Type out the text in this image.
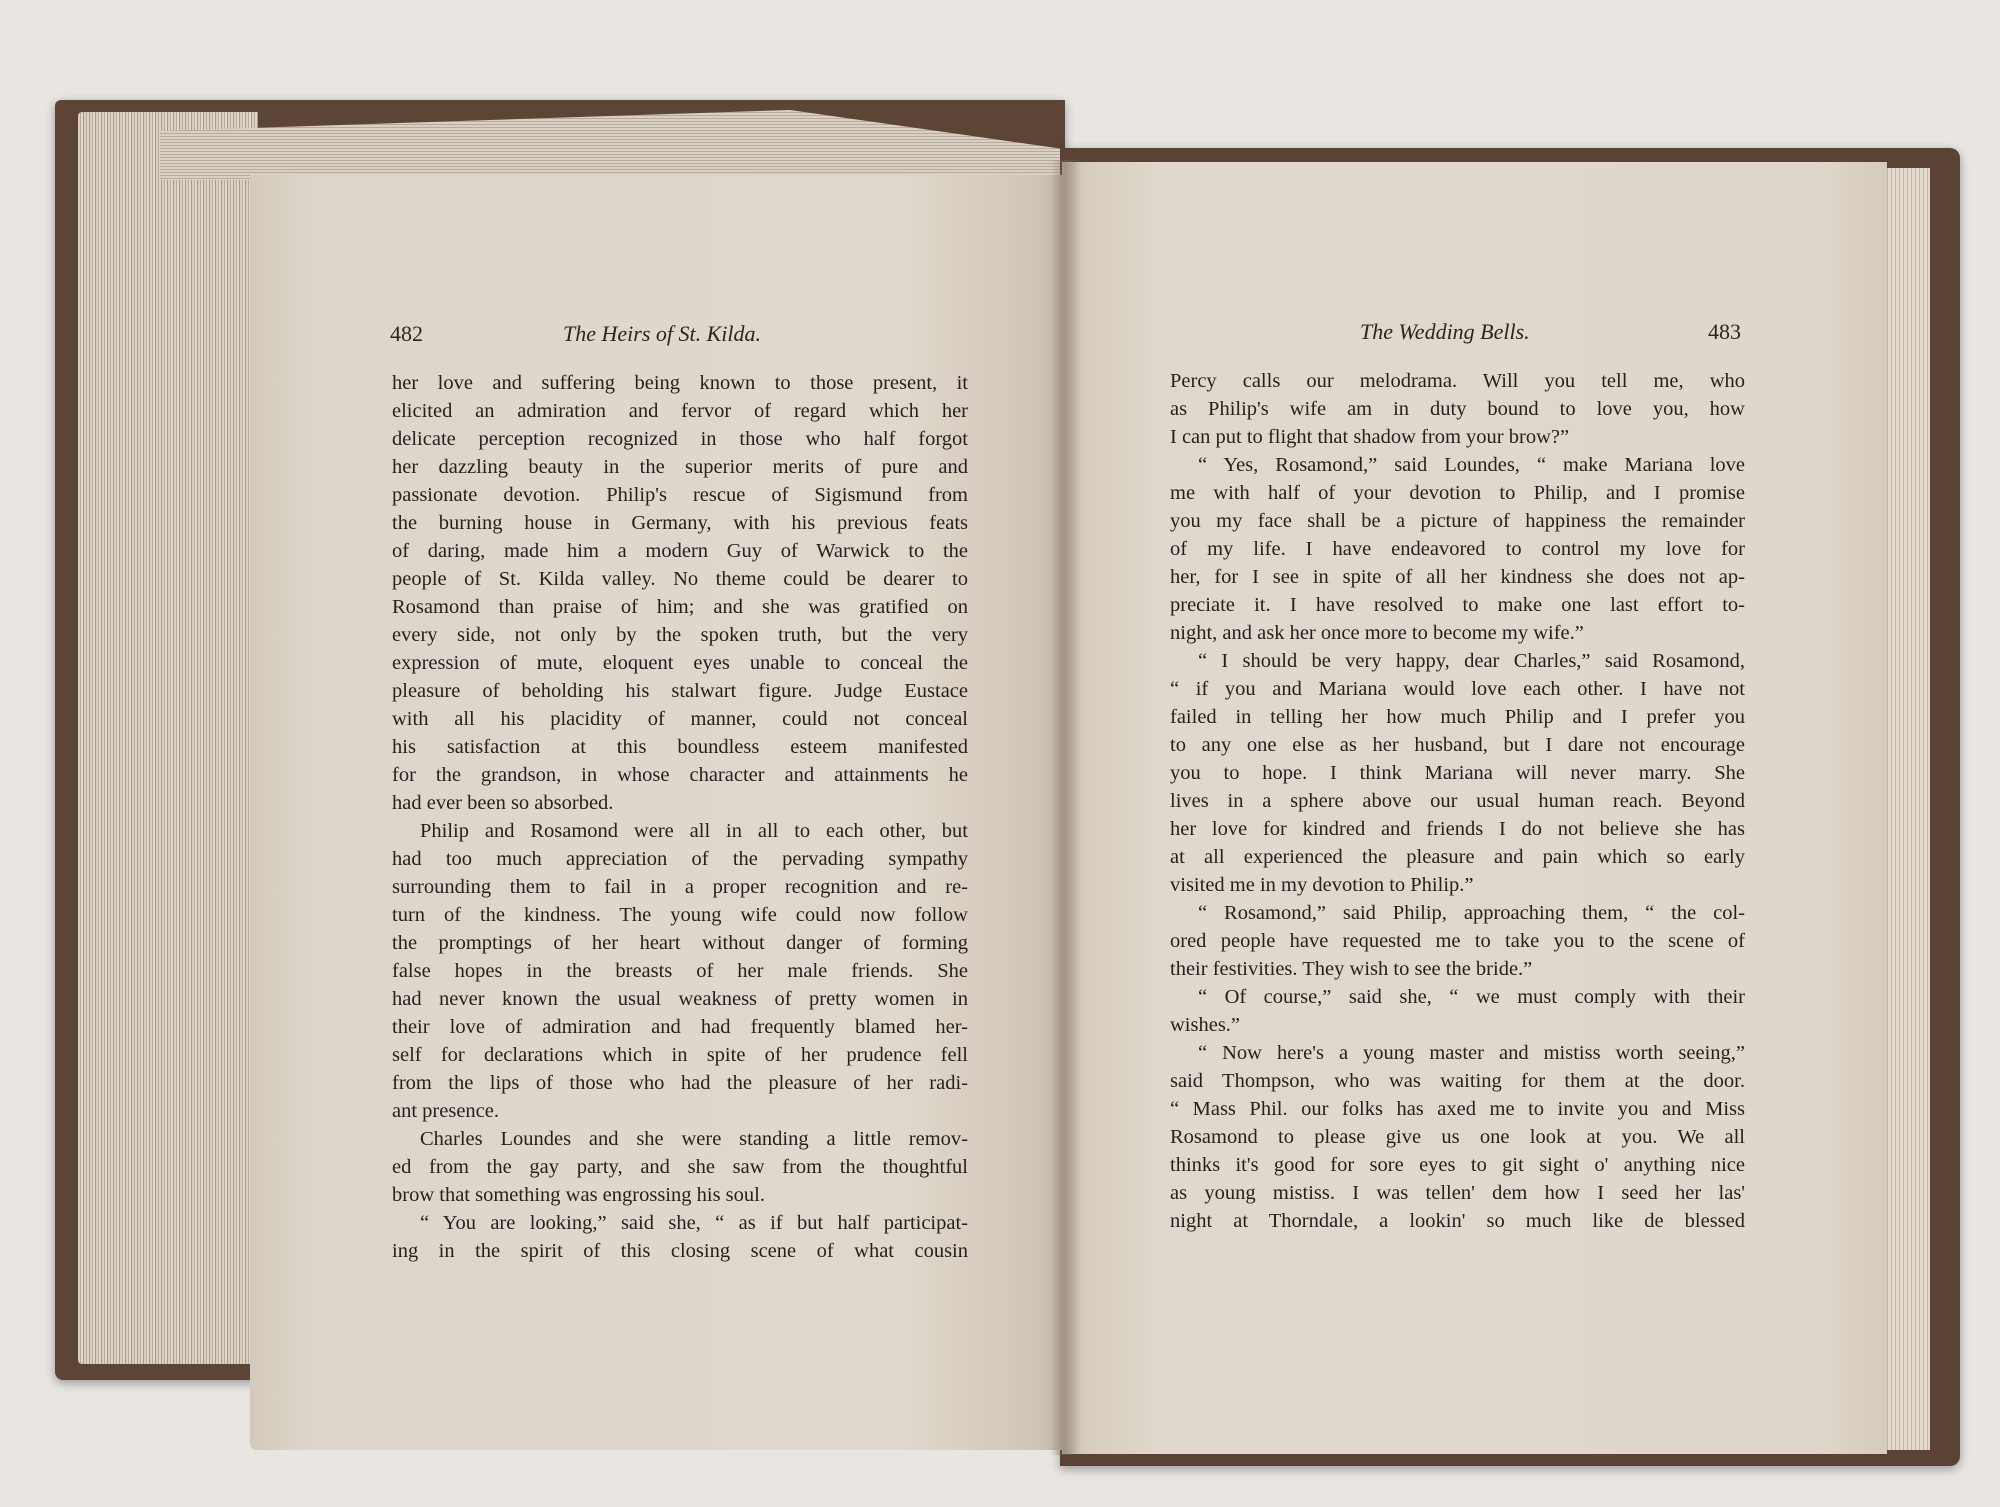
482	The Heirs of St. Kilda.	The Wedding Bells.	483
her love and suffering being known to those present, it
elicited an admiration and fervor of regard which her
delicate perception recognized in those who half forgot
her dazzling beauty in the superior merits of pure and
passionate devotion. Philip's rescue of Sigismund from
the burning house in Germany, with his previous feats
of daring, made him a modern Guy of Warwick to the
people of St. Kilda valley. No theme could be dearer to
Rosamond than praise of him; and she was gratified on
every side, not only by the spoken truth, but the very
expression of mute, eloquent eyes unable to conceal the
pleasure of beholding his stalwart figure. Judge Eustace
with all his placidity of manner, could not conceal
his satisfaction at this boundless esteem manifested
for the grandson, in whose character and attainments he
had ever been so absorbed.
Philip and Rosamond were all in all to each other, but
had too much appreciation of the pervading sympathy
surrounding them to fail in a proper recognition and re-
turn of the kindness. The young wife could now follow
the promptings of her heart without danger of forming
false hopes in the breasts of her male friends. She
had never known the usual weakness of pretty women in
their love of admiration and had frequently blamed her-
self for declarations which in spite of her prudence fell
from the lips of those who had the pleasure of her radi-
ant presence.
Charles Loundes and she were standing a little remov-
ed from the gay party, and she saw from the thoughtful
brow that something was engrossing his soul.
“ You are looking,” said she, “ as if but half participat-
ing in the spirit of this closing scene of what cousin
Percy calls our melodrama. Will you tell me, who
as Philip's wife am in duty bound to love you, how
I can put to flight that shadow from your brow?”
“ Yes, Rosamond,” said Loundes, “ make Mariana love
me with half of your devotion to Philip, and I promise
you my face shall be a picture of happiness the remainder
of my life. I have endeavored to control my love for
her, for I see in spite of all her kindness she does not ap-
preciate it. I have resolved to make one last effort to-
night, and ask her once more to become my wife.”
“ I should be very happy, dear Charles,” said Rosamond,
“ if you and Mariana would love each other. I have not
failed in telling her how much Philip and I prefer you
to any one else as her husband, but I dare not encourage
you to hope. I think Mariana will never marry. She
lives in a sphere above our usual human reach. Beyond
her love for kindred and friends I do not believe she has
at all experienced the pleasure and pain which so early
visited me in my devotion to Philip.”
“ Rosamond,” said Philip, approaching them, “ the col-
ored people have requested me to take you to the scene of
their festivities. They wish to see the bride.”
“ Of course,” said she, “ we must comply with their
wishes.”
“ Now here's a young master and mistiss worth seeing,”
said Thompson, who was waiting for them at the door.
“ Mass Phil. our folks has axed me to invite you and Miss
Rosamond to please give us one look at you. We all
thinks it's good for sore eyes to git sight o' anything nice
as young mistiss. I was tellen' dem how I seed her las'
night at Thorndale, a lookin' so much like de blessed
